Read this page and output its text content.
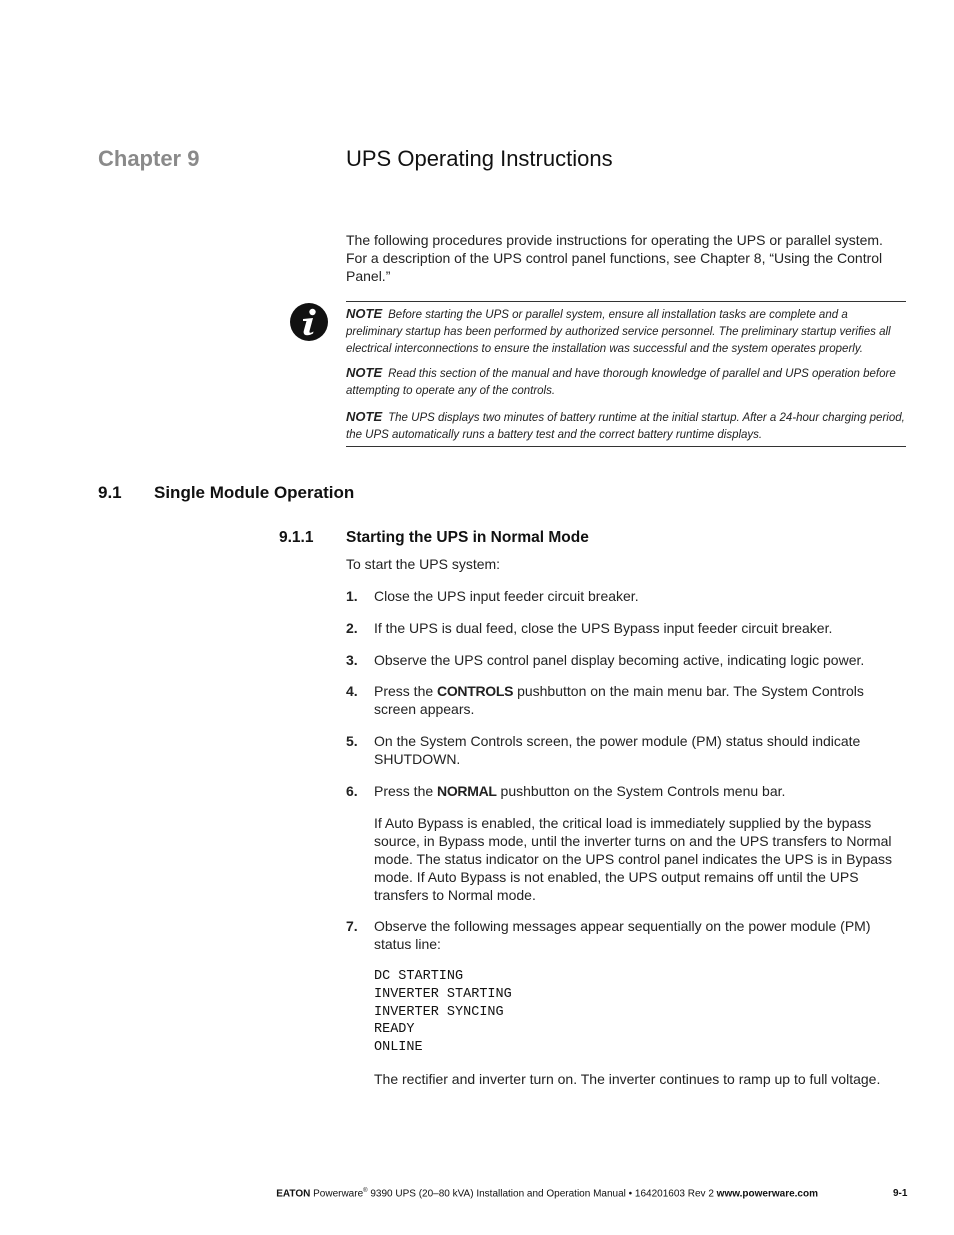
Chapter 9	UPS Operating Instructions
The following procedures provide instructions for operating the UPS or parallel system. For a description of the UPS control panel functions, see Chapter 8, “Using the Control Panel.”
NOTE Before starting the UPS or parallel system, ensure all installation tasks are complete and a preliminary startup has been performed by authorized service personnel. The preliminary startup verifies all electrical interconnections to ensure the installation was successful and the system operates properly.
NOTE Read this section of the manual and have thorough knowledge of parallel and UPS operation before attempting to operate any of the controls.
NOTE The UPS displays two minutes of battery runtime at the initial startup. After a 24-hour charging period, the UPS automatically runs a battery test and the correct battery runtime displays.
9.1 Single Module Operation
9.1.1 Starting the UPS in Normal Mode
To start the UPS system:
1. Close the UPS input feeder circuit breaker.
2. If the UPS is dual feed, close the UPS Bypass input feeder circuit breaker.
3. Observe the UPS control panel display becoming active, indicating logic power.
4. Press the CONTROLS pushbutton on the main menu bar. The System Controls screen appears.
5. On the System Controls screen, the power module (PM) status should indicate SHUTDOWN.
6. Press the NORMAL pushbutton on the System Controls menu bar.
If Auto Bypass is enabled, the critical load is immediately supplied by the bypass source, in Bypass mode, until the inverter turns on and the UPS transfers to Normal mode. The status indicator on the UPS control panel indicates the UPS is in Bypass mode. If Auto Bypass is not enabled, the UPS output remains off until the UPS transfers to Normal mode.
7. Observe the following messages appear sequentially on the power module (PM) status line:
DC STARTING
INVERTER STARTING
INVERTER SYNCING
READY
ONLINE
The rectifier and inverter turn on. The inverter continues to ramp up to full voltage.
EATON Powerware® 9390 UPS (20–80 kVA) Installation and Operation Manual • 164201603 Rev 2 www.powerware.com	9-1
